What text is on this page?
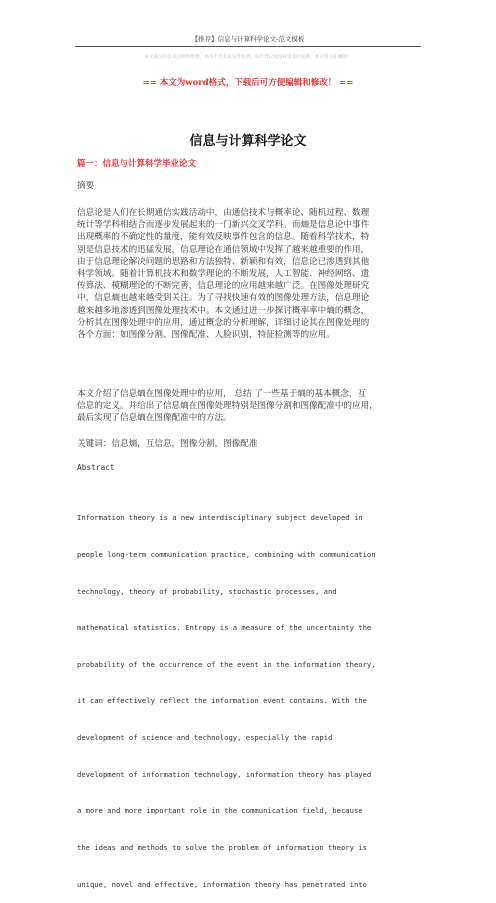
【推荐】信息与计算科学论文-范文模板
本文部分内容来自网络整理，本司不为其真实性负责，如有异议或侵权请及时联系，本司将立即删除！
== 本文为word格式，下载后可方便编辑和修改！ ==
信息与计算科学论文
篇一：信息与计算科学毕业论文
摘要

信息论是人们在长期通信实践活动中，由通信技术与概率论、随机过程、数理

统计等学科相结合而逐步发展起来的一门新兴交叉学科。而熵是信息论中事件

出现概率的不确定性的量度，能有效反映事件包含的信息。随着科学技术，特

别是信息技术的迅猛发展，信息理论在通信领域中发挥了越来越重要的作用，

由于信息理论解决问题的思路和方法独特、新颖和有效，信息论已渗透到其他

科学领域。随着计算机技术和数学理论的不断发展，人工智能、神经网络、遗

传算法、模糊理论的不断完善，信息理论的应用越来越广泛。在图像处理研究

中，信息熵也越来越受到关注。为了寻找快速有效的图像处理方法，信息理论

越来越多地渗透到图像处理技术中。本文通过进一步探讨概率率中熵的概念，

分析其在图像处理中的应用，通过概念的分析理解，详细讨论其在图像处理的

各个方面：如图像分割、图像配准、人脸识别，特征检测等的应用。

本文介绍了信息熵在图像处理中的应用， 总结 了一些基于熵的基本概念，互

信息的定义。并给出了信息熵在图像处理特别是图像分割和图像配准中的应用，

最后实现了信息熵在图像配准中的方法。

关键词：信息熵，互信息，图像分割，图像配准
Abstract

Information theory is a new interdisciplinary subject developed in

people long-term communication practice, combining with communication

technology, theory of probability, stochastic processes, and

mathematical statistics. Entropy is a measure of the uncertainty the

probability of the occurrence of the event in the information theory,

it can effectively reflect the information event contains. With the

development of science and technology, especially the rapid

development of information technology, information theory has played

a more and more important role in the communication field, because

the ideas and methods to solve the problem of information theory is

unique, novel and effective, information theory has penetrated into
